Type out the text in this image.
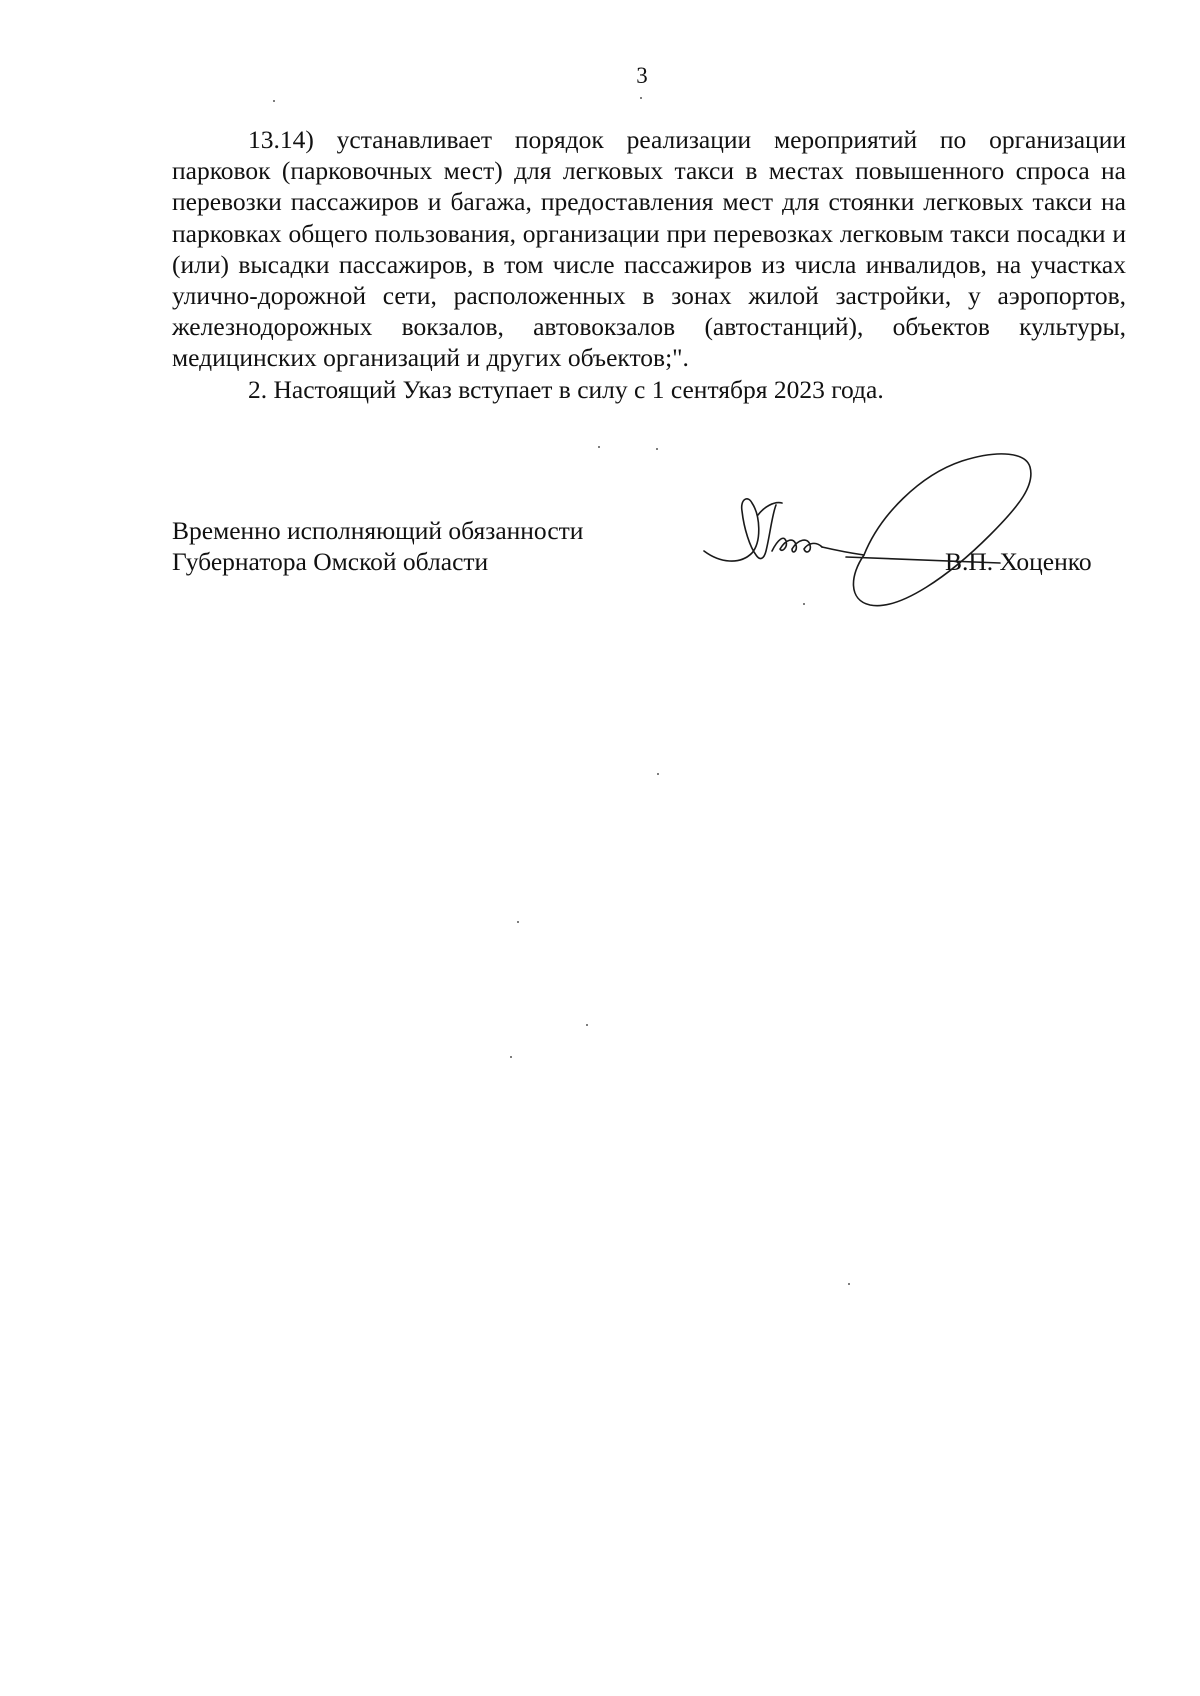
3

13.14) устанавливает порядок реализации мероприятий по организации парковок (парковочных мест) для легковых такси в местах повышенного спроса на перевозки пассажиров и багажа, предоставления мест для стоянки легковых такси на парковках общего пользования, организации при перевозках легковым такси посадки и (или) высадки пассажиров, в том числе пассажиров из числа инвалидов, на участках улично-дорожной сети, расположенных в зонах жилой застройки, у аэропортов, железнодорожных вокзалов, автовокзалов (автостанций), объектов культуры, медицинских организаций и других объектов;".

2. Настоящий Указ вступает в силу с 1 сентября 2023 года.

Временно исполняющий обязанности
Губернатора Омской области	В.П. Хоценко
